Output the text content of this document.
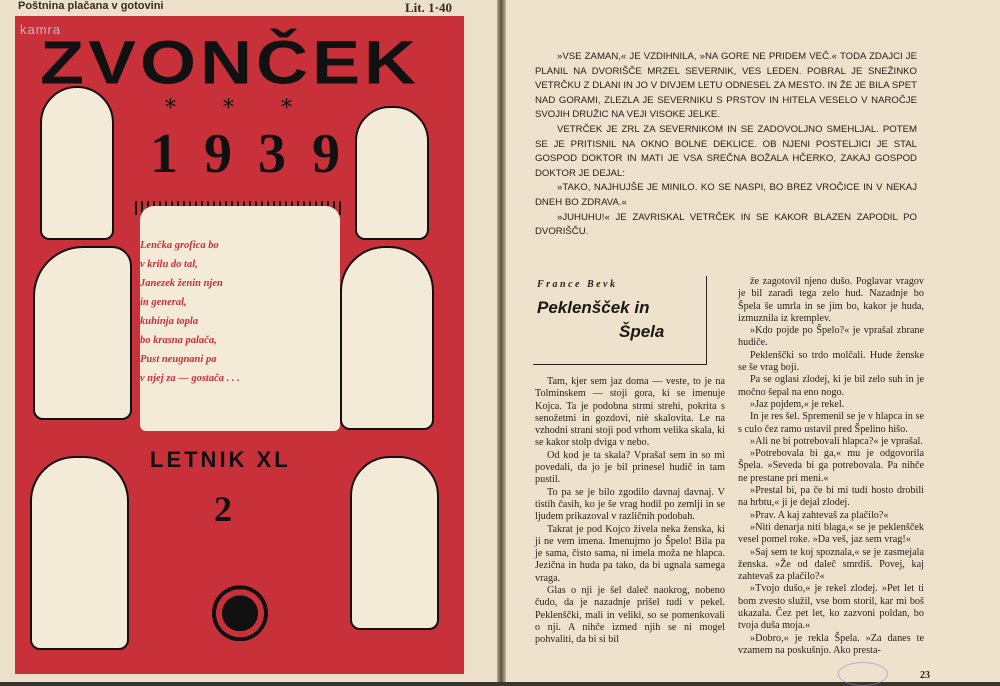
Poštnina plačana v gotovini	Lit. 1·40
kamra
ZVONČEK
* * *
1939
Lenčka grofica bo
v krilu do tal,
Janezek ženin njen
in general,
kuhinja topla
bo krasna palača,
Pust neugnani pa
v njej za — gostača . . .
LETNIK XL
2

»VSE ZAMAN,« JE VZDIHNILA, »NA GORE NE PRIDEM VEČ.« TODA ZDAJCI JE PLANIL NA DVORIŠČE MRZEL SEVERNIK, VES LEDEN. POBRAL JE SNEŽINKO VETRČKU Z DLANI IN JO V DIVJEM LETU ODNESEL ZA MESTO. IN ŽE JE BILA SPET NAD GORAMI, ZLEZLA JE SEVERNIKU S PRSTOV IN HITELA VESELO V NAROČJE SVOJIH DRUŽIC NA VEJI VISOKE JELKE.

VETRČEK JE ZRL ZA SEVERNIKOM IN SE ZADOVOLJNO SMEHLJAL. POTEM SE JE PRITISNIL NA OKNO BOLNE DEKLICE. OB NJENI POSTELJICI JE STAL GOSPOD DOKTOR IN MATI JE VSA SREČNA BOŽALA HČERKO, ZAKAJ GOSPOD DOKTOR JE DEJAL:

»TAKO, NAJHUJŠE JE MINILO. KO SE NASPI, BO BREZ VROČICE IN V NEKAJ DNEH BO ZDRAVA.«

»JUHUHU!« JE ZAVRISKAL VETRČEK IN SE KAKOR BLAZEN ZAPODIL PO DVORIŠČU.

France Bevk
Peklenšček in
Špela

Tam, kjer sem jaz doma — veste, to je na Tolminskem — stoji gora, ki se imenuje Kojca. Ta je podobna strmi strehi, pokrita s senožetmi in gozdovi, niè skalovita. Le na vzhodni strani stoji pod vrhom velika skala, ki se kakor stolp dviga v nebo.

Od kod je ta skala? Vprašal sem in so mi povedali, da jo je bil prinesel hudič in tam pustil.

To pa se je bilo zgodilo davnaj davnaj. V tistih časih, ko je še vrag hodil po zemlji in se ljudem prikazoval v različnih podobah.

Takrat je pod Kojco živela neka ženska, ki ji ne vem imena. Imenujmo jo Špelo! Bila pa je sama, čisto sama, ni imela moža ne hlapca. Jezična in huda pa tako, da bi ugnala samega vraga.

Glas o nji je šel daleč naokrog, nobeno čudo, da je nazadnje prišel tudi v pekel. Peklenščki, mali in veliki, so se pomenkovali o nji. A nihče izmed njih se ni mogel pohvaliti, da bi si bil

že zagotovil njeno dušo. Poglavar vragov je bil zaradi tega zelo hud. Nazadnje bo Špela še umrla in se jim bo, kakor je huda, izmuznila iz kremplev.

»Kdo pojde po Špelo?« je vprašal zbrane hudiče.

Peklenščki so trdo molčali. Hude ženske se še vrag boji.

Pa se oglasi zlodej, ki je bil zelo suh in je močno šepal na eno nogo.

»Jaz pojdem,« je rekel.

In je res šel. Spremenil se je v hlapca in se s culo čez ramo ustavil pred Špelino hišo.

»Ali ne bi potrebovali hlapca?« je vprašal.

»Potrebovala bi ga,« mu je odgovorila Špela. »Seveda bi ga potrebovala. Pa nihče ne prestane pri meni.«

»Prestal bi, pa če bi mi tudi hosto drobili na hrbtu,« ji je dejal zlodej.

»Prav. A kaj zahtevaš za plačilo?«

»Niti denarja niti blaga,« se je peklenšček vesel pomel roke. »Da veš, jaz sem vrag!«

»Saj sem te koj spoznala,« se je zasmejala ženska. »Že od daleč smrdiš. Povej, kaj zahtevaš za plačilo?«

»Tvojo dušo,« je rekel zlodej. »Pet let ti bom zvesto služil, vse bom storil, kar mi boš ukazala. Čez pet let, ko zazvoni poldan, bo tvoja duša moja.«

»Dobro,« je rekla Špela. »Za danes te vzamem na poskušnjo. Ako presta-

23
